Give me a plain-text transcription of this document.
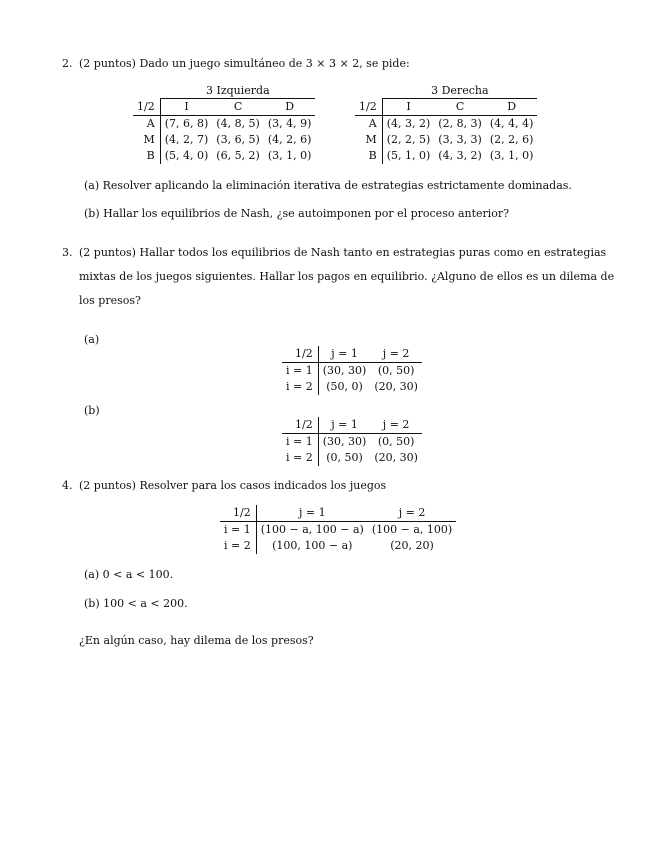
2. (2 puntos) Dado un juego simultáneo de 3 × 3 × 2, se pide:
	3 Izquierda		
1/2	I	C	D
A	(7, 6, 8)	(4, 8, 5)	(3, 4, 9)
M	(4, 2, 7)	(3, 6, 5)	(4, 2, 6)
B	(5, 4, 0)	(6, 5, 2)	(3, 1, 0)
	3 Derecha		
1/2	I	C	D
A	(4, 3, 2)	(2, 8, 3)	(4, 4, 4)
M	(2, 2, 5)	(3, 3, 3)	(2, 2, 6)
B	(5, 1, 0)	(4, 3, 2)	(3, 1, 0)
(a) Resolver aplicando la eliminación iterativa de estrategias estrictamente dominadas.
(b) Hallar los equilibrios de Nash, ¿se autoimponen por el proceso anterior?
3. (2 puntos) Hallar todos los equilibrios de Nash tanto en estrategias puras como en estrategias
mixtas de los juegos siguientes. Hallar los pagos en equilibrio. ¿Alguno de ellos es un dilema de
los presos?
(a)
1/2	j = 1	j = 2
i = 1	(30, 30)	(0, 50)
i = 2	(50, 0)	(20, 30)
(b)
1/2	j = 1	j = 2
i = 1	(30, 30)	(0, 50)
i = 2	(0, 50)	(20, 30)
4. (2 puntos) Resolver para los casos indicados los juegos
1/2	j = 1	j = 2
i = 1	(100 − a, 100 − a)	(100 − a, 100)
i = 2	(100, 100 − a)	(20, 20)
(a) 0 < a < 100.
(b) 100 < a < 200.
¿En algún caso, hay dilema de los presos?
